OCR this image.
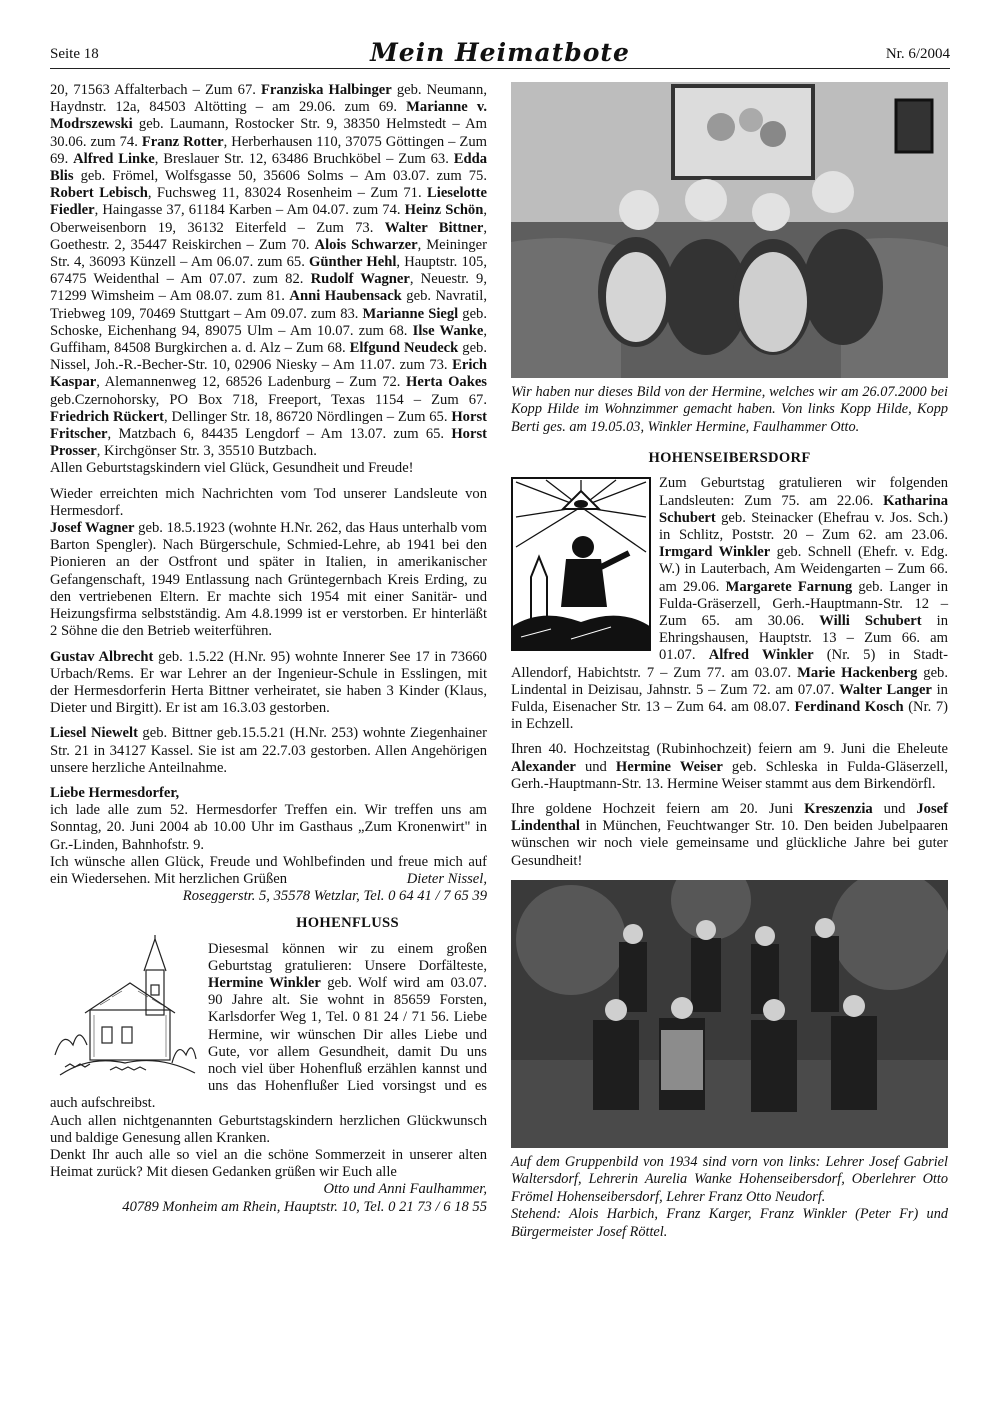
Seite 18	Mein Heimatbote	Nr. 6/2004

20, 71563 Affalterbach – Zum 67. Franziska Halbinger geb. Neumann, Haydnstr. 12a, 84503 Altötting – am 29.06. zum 69. Marianne v. Modrszewski geb. Laumann, Rostocker Str. 9, 38350 Helmstedt – Am 30.06. zum 74. Franz Rotter, Herberhausen 110, 37075 Göttingen – Zum 69. Alfred Linke, Breslauer Str. 12, 63486 Bruchköbel – Zum 63. Edda Blis geb. Frömel, Wolfsgasse 50, 35606 Solms – Am 03.07. zum 75. Robert Lebisch, Fuchsweg 11, 83024 Rosenheim – Zum 71. Lieselotte Fiedler, Haingasse 37, 61184 Karben – Am 04.07. zum 74. Heinz Schön, Oberweisenborn 19, 36132 Eiterfeld – Zum 73. Walter Bittner, Goethestr. 2, 35447 Reiskirchen – Zum 70. Alois Schwarzer, Meininger Str. 4, 36093 Künzell – Am 06.07. zum 65. Günther Hehl, Hauptstr. 105, 67475 Weidenthal – Am 07.07. zum 82. Rudolf Wagner, Neuestr. 9, 71299 Wimsheim – Am 08.07. zum 81. Anni Haubensack geb. Navratil, Triebweg 109, 70469 Stuttgart – Am 09.07. zum 83. Marianne Siegl geb. Schoske, Eichenhang 94, 89075 Ulm – Am 10.07. zum 68. Ilse Wanke, Guffiham, 84508 Burgkirchen a. d. Alz – Zum 68. Elfgund Neudeck geb. Nissel, Joh.-R.-Becher-Str. 10, 02906 Niesky – Am 11.07. zum 73. Erich Kaspar, Alemannenweg 12, 68526 Ladenburg – Zum 72. Herta Oakes geb.Czernohorsky, PO Box 718, Freeport, Texas 1154 – Zum 67. Friedrich Rückert, Dellinger Str. 18, 86720 Nördlingen – Zum 65. Horst Fritscher, Matzbach 6, 84435 Lengdorf – Am 13.07. zum 65. Horst Prosser, Kirchgönser Str. 3, 35510 Butzbach.

Allen Geburtstagskindern viel Glück, Gesundheit und Freude!

Wieder erreichten mich Nachrichten vom Tod unserer Landsleute von Hermesdorf.

Josef Wagner geb. 18.5.1923 (wohnte H.Nr. 262, das Haus unterhalb vom Barton Spengler). Nach Bürgerschule, Schmied-Lehre, ab 1941 bei den Pionieren an der Ostfront und später in Italien, in amerikanischer Gefangenschaft, 1949 Entlassung nach Grüntegernbach Kreis Erding, zu den vertriebenen Eltern. Er machte sich 1954 mit einer Sanitär- und Heizungsfirma selbstständig. Am 4.8.1999 ist er verstorben. Er hinterläßt 2 Söhne die den Betrieb weiterführen.

Gustav Albrecht geb. 1.5.22 (H.Nr. 95) wohnte Innerer See 17 in 73660 Urbach/Rems. Er war Lehrer an der Ingenieur-Schule in Esslingen, mit der Hermesdorferin Herta Bittner verheiratet, sie haben 3 Kinder (Klaus, Dieter und Birgitt). Er ist am 16.3.03 gestorben.

Liesel Niewelt geb. Bittner geb.15.5.21 (H.Nr. 253) wohnte Ziegenhainer Str. 21 in 34127 Kassel. Sie ist am 22.7.03 gestorben. Allen Angehörigen unsere herzliche Anteilnahme.

Liebe Hermesdorfer,
ich lade alle zum 52. Hermesdorfer Treffen ein. Wir treffen uns am Sonntag, 20. Juni 2004 ab 10.00 Uhr im Gasthaus „Zum Kronenwirt" in Gr.-Linden, Bahnhofstr. 9.
Ich wünsche allen Glück, Freude und Wohlbefinden und freue mich auf ein Wiedersehen. Mit herzlichen Grüßen	Dieter Nissel,
Roseggerstr. 5, 35578 Wetzlar, Tel. 0 64 41 / 7 65 39
HOHENFLUSS
Diesesmal können wir zu einem großen Geburtstag gratulieren: Unsere Dorfälteste, Hermine Winkler geb. Wolf wird am 03.07. 90 Jahre alt. Sie wohnt in 85659 Forsten, Karlsdorfer Weg 1, Tel. 0 81 24 / 71 56. Liebe Hermine, wir wünschen Dir alles Liebe und Gute, vor allem Gesundheit, damit Du uns noch viel über Hohenfluß erzählen kannst und uns das Hohenflußer Lied vorsingst und es auch aufschreibst.
Auch allen nichtgenannten Geburtstagskindern herzlichen Glückwunsch und baldige Genesung allen Kranken.
Denkt Ihr auch alle so viel an die schöne Sommerzeit in unserer alten Heimat zurück? Mit diesen Gedanken grüßen wir Euch alle
Otto und Anni Faulhammer,
40789 Monheim am Rhein, Hauptstr. 10, Tel. 0 21 73 / 6 18 55
Wir haben nur dieses Bild von der Hermine, welches wir am 26.07.2000 bei Kopp Hilde im Wohnzimmer gemacht haben. Von links Kopp Hilde, Kopp Berti ges. am 19.05.03, Winkler Hermine, Faulhammer Otto.
HOHENSEIBERSDORF
Zum Geburtstag gratulieren wir folgenden Landsleuten: Zum 75. am 22.06. Katharina Schubert geb. Steinacker (Ehefrau v. Jos. Sch.) in Schlitz, Poststr. 20 – Zum 62. am 23.06. Irmgard Winkler geb. Schnell (Ehefr. v. Edg. W.) in Lauterbach, Am Weidengarten – Zum 66. am 29.06. Margarete Farnung geb. Langer in Fulda-Gräserzell, Gerh.-Hauptmann-Str. 12 – Zum 65. am 30.06. Willi Schubert in Ehringshausen, Hauptstr. 13 – Zum 66. am 01.07. Alfred Winkler (Nr. 5) in Stadt-Allendorf, Habichtstr. 7 – Zum 77. am 03.07. Marie Hackenberg geb. Lindental in Deizisau, Jahnstr. 5 – Zum 72. am 07.07. Walter Langer in Fulda, Eisenacher Str. 13 – Zum 64. am 08.07. Ferdinand Kosch (Nr. 7) in Echzell.

Ihren 40. Hochzeitstag (Rubinhochzeit) feiern am 9. Juni die Eheleute Alexander und Hermine Weiser geb. Schleska in Fulda-Gläserzell, Gerh.-Hauptmann-Str. 13. Hermine Weiser stammt aus dem Birkendörfl.

Ihre goldene Hochzeit feiern am 20. Juni Kreszenzia und Josef Lindenthal in München, Feuchtwanger Str. 10. Den beiden Jubelpaaren wünschen wir noch viele gemeinsame und glückliche Jahre bei guter Gesundheit!

Auf dem Gruppenbild von 1934 sind vorn von links: Lehrer Josef Gabriel Waltersdorf, Lehrerin Aurelia Wanke Hohenseibersdorf, Oberlehrer Otto Frömel Hohenseibersdorf, Lehrer Franz Otto Neudorf.
Stehend: Alois Harbich, Franz Karger, Franz Winkler (Peter Fr) und Bürgermeister Josef Röttel.
